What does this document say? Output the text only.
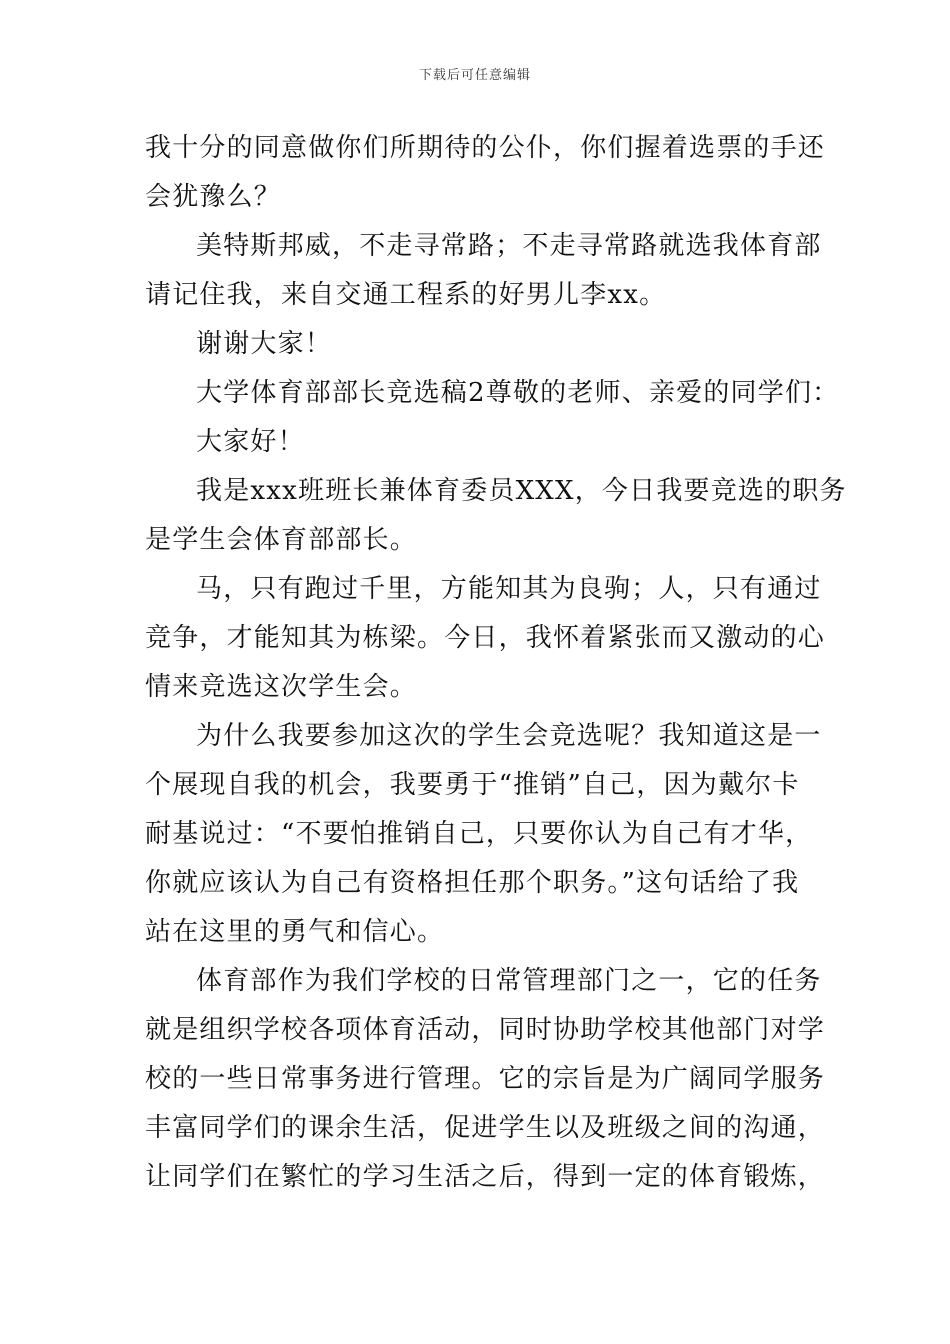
下载后可任意编辑
我十分的同意做你们所期待的公仆，你们握着选票的手还
会犹豫么？
美特斯邦威，不走寻常路；不走寻常路就选我体育部
请记住我，来自交通工程系的好男儿李xx。
谢谢大家！
大学体育部部长竞选稿2尊敬的老师、亲爱的同学们：
大家好！
我是xxx班班长兼体育委员XXX，今日我要竞选的职务
是学生会体育部部长。
马，只有跑过千里，方能知其为良驹；人，只有通过
竞争，才能知其为栋梁。今日，我怀着紧张而又激动的心
情来竞选这次学生会。
为什么我要参加这次的学生会竞选呢？我知道这是一
个展现自我的机会，我要勇于“推销”自己，因为戴尔卡
耐基说过：“不要怕推销自己，只要你认为自己有才华，
你就应该认为自己有资格担任那个职务。”这句话给了我
站在这里的勇气和信心。
体育部作为我们学校的日常管理部门之一，它的任务
就是组织学校各项体育活动，同时协助学校其他部门对学
校的一些日常事务进行管理。它的宗旨是为广阔同学服务
丰富同学们的课余生活，促进学生以及班级之间的沟通，
让同学们在繁忙的学习生活之后，得到一定的体育锻炼，
